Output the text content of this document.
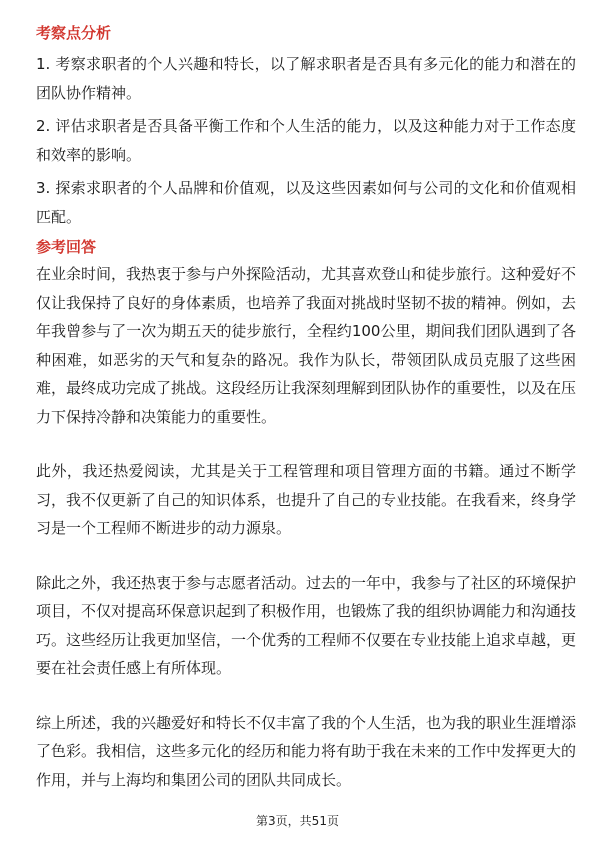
考察点分析

1. 考察求职者的个人兴趣和特长，以了解求职者是否具有多元化的能力和潜在的团队协作精神。

2. 评估求职者是否具备平衡工作和个人生活的能力，以及这种能力对于工作态度和效率的影响。

3. 探索求职者的个人品牌和价值观，以及这些因素如何与公司的文化和价值观相匹配。

参考回答

在业余时间，我热衷于参与户外探险活动，尤其喜欢登山和徒步旅行。这种爱好不仅让我保持了良好的身体素质，也培养了我面对挑战时坚韧不拔的精神。例如，去年我曾参与了一次为期五天的徒步旅行，全程约100公里，期间我们团队遇到了各种困难，如恶劣的天气和复杂的路况。我作为队长，带领团队成员克服了这些困难，最终成功完成了挑战。这段经历让我深刻理解到团队协作的重要性，以及在压力下保持冷静和决策能力的重要性。

此外，我还热爱阅读，尤其是关于工程管理和项目管理方面的书籍。通过不断学习，我不仅更新了自己的知识体系，也提升了自己的专业技能。在我看来，终身学习是一个工程师不断进步的动力源泉。

除此之外，我还热衷于参与志愿者活动。过去的一年中，我参与了社区的环境保护项目，不仅对提高环保意识起到了积极作用，也锻炼了我的组织协调能力和沟通技巧。这些经历让我更加坚信，一个优秀的工程师不仅要在专业技能上追求卓越，更要在社会责任感上有所体现。

综上所述，我的兴趣爱好和特长不仅丰富了我的个人生活，也为我的职业生涯增添了色彩。我相信，这些多元化的经历和能力将有助于我在未来的工作中发挥更大的作用，并与上海均和集团公司的团队共同成长。

第3页，共51页
